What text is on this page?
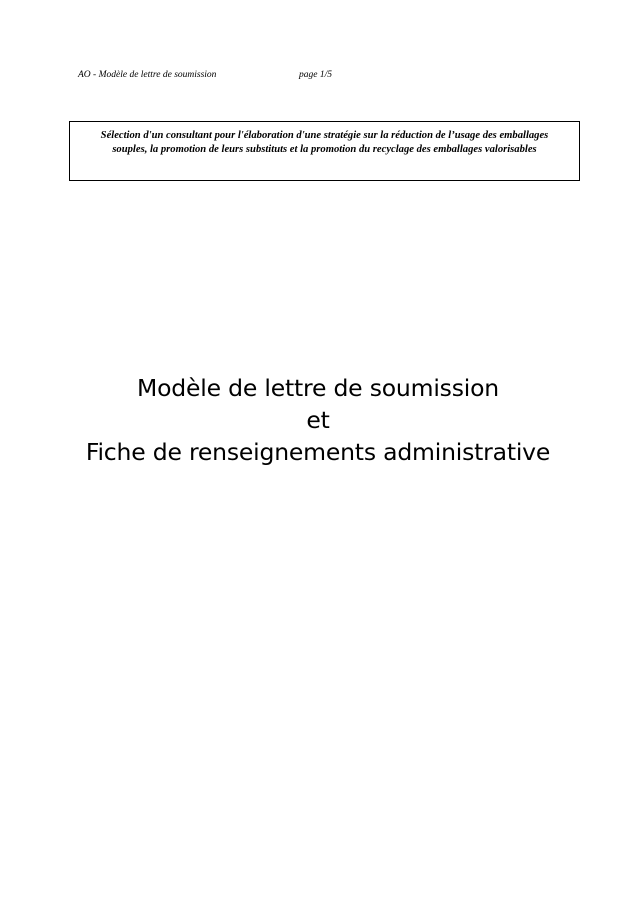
AO - Modèle de lettre de soumission	page 1/5
Sélection d'un consultant pour l'élaboration d'une stratégie sur la réduction de l’usage des emballages souples, la promotion de leurs substituts et la promotion du recyclage des emballages valorisables
Modèle de lettre de soumission
et
Fiche de renseignements administrative
